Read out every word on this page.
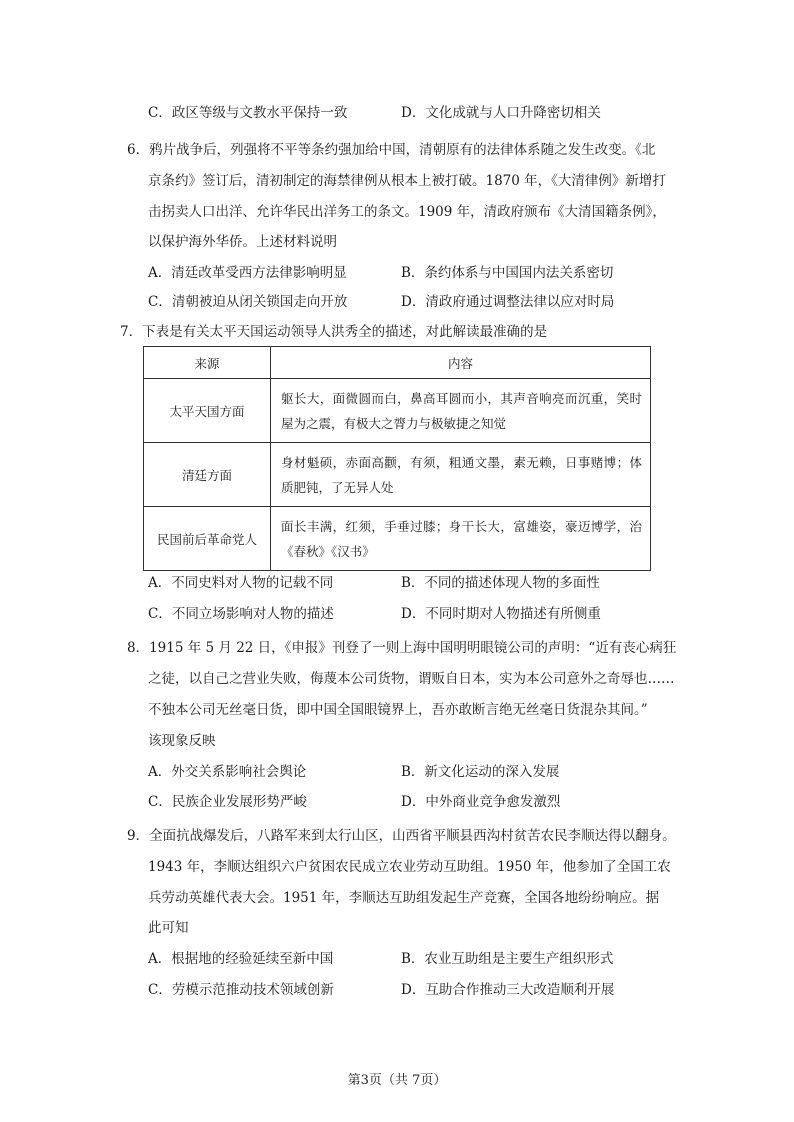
C．政区等级与文教水平保持一致	D．文化成就与人口升降密切相关
6．鸦片战争后，列强将不平等条约强加给中国，清朝原有的法律体系随之发生改变。《北
京条约》签订后，清初制定的海禁律例从根本上被打破。1870 年，《大清律例》新增打
击拐卖人口出洋、允许华民出洋务工的条文。1909 年，清政府颁布《大清国籍条例》，
以保护海外华侨。上述材料说明
A．清廷改革受西方法律影响明显	B．条约体系与中国国内法关系密切
C．清朝被迫从闭关锁国走向开放	D．清政府通过调整法律以应对时局
7．下表是有关太平天国运动领导人洪秀全的描述，对此解读最准确的是
来源	内容
太平天国方面	躯长大，面微圆而白，鼻高耳圆而小，其声音响亮而沉重，笑时屋为之震，有极大之膂力与极敏捷之知觉
清廷方面	身材魁硕，赤面高颧，有须，粗通文墨，素无赖，日事赌博；体质肥钝，了无异人处
民国前后革命党人	面长丰满，红须，手垂过膝；身干长大，富雄姿，豪迈博学，治《春秋》《汉书》
A．不同史料对人物的记载不同	B．不同的描述体现人物的多面性
C．不同立场影响对人物的描述	D．不同时期对人物描述有所侧重
8．1915 年 5 月 22 日，《申报》刊登了一则上海中国明明眼镜公司的声明：“近有丧心病狂
之徒，以自己之营业失败，侮蔑本公司货物，谓贩自日本，实为本公司意外之奇辱也……
不独本公司无丝毫日货，即中国全国眼镜界上，吾亦敢断言绝无丝毫日货混杂其间。”
该现象反映
A．外交关系影响社会舆论	B．新文化运动的深入发展
C．民族企业发展形势严峻	D．中外商业竞争愈发激烈
9．全面抗战爆发后，八路军来到太行山区，山西省平顺县西沟村贫苦农民李顺达得以翻身。
1943 年，李顺达组织六户贫困农民成立农业劳动互助组。1950 年，他参加了全国工农
兵劳动英雄代表大会。1951 年，李顺达互助组发起生产竞赛，全国各地纷纷响应。据
此可知
A．根据地的经验延续至新中国	B．农业互助组是主要生产组织形式
C．劳模示范推动技术领域创新	D．互助合作推动三大改造顺利开展
第3页（共 7页）
